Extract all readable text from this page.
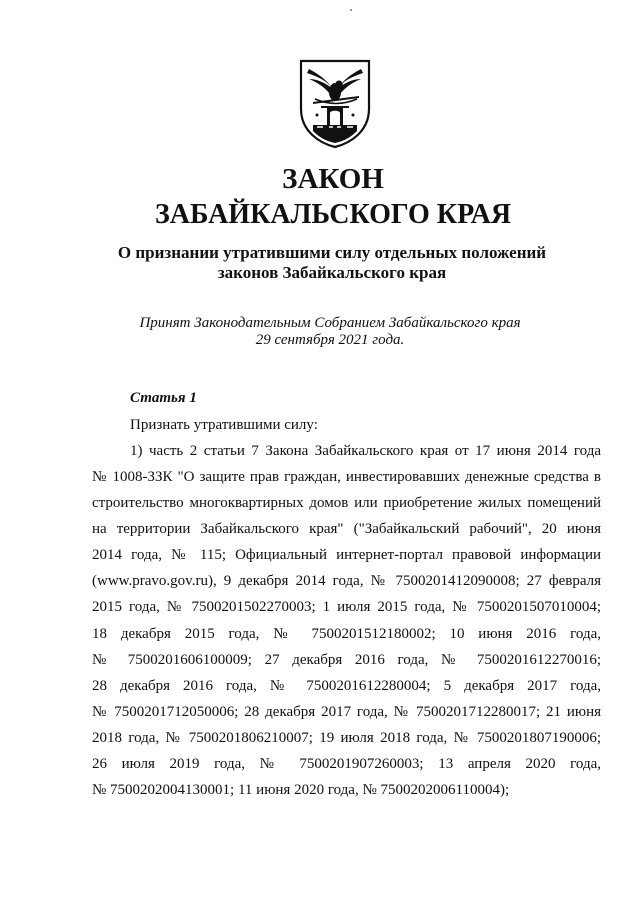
ЗАКОН
ЗАБАЙКАЛЬСКОГО КРАЯ
О признании утратившими силу отдельных положений
законов Забайкальского края
Принят Законодательным Собранием Забайкальского края
29 сентября 2021 года.
Статья 1
Признать утратившими силу:
1) часть 2 статьи 7 Закона Забайкальского края от 17 июня 2014 года
№ 1008-ЗЗК "О защите прав граждан, инвестировавших денежные средства в
строительство многоквартирных домов или приобретение жилых помещений
на территории Забайкальского края" ("Забайкальский рабочий", 20 июня
2014 года, № 115; Официальный интернет-портал правовой информации
(www.pravo.gov.ru), 9 декабря 2014 года, № 7500201412090008; 27 февраля
2015 года, № 7500201502270003; 1 июля 2015 года, № 7500201507010004;
18 декабря 2015 года, № 7500201512180002; 10 июня 2016 года,
№ 7500201606100009; 27 декабря 2016 года, № 7500201612270016;
28 декабря 2016 года, № 7500201612280004; 5 декабря 2017 года,
№ 7500201712050006; 28 декабря 2017 года, № 7500201712280017; 21 июня
2018 года, № 7500201806210007; 19 июля 2018 года, № 7500201807190006;
26 июля 2019 года, № 7500201907260003; 13 апреля 2020 года,
№ 7500202004130001; 11 июня 2020 года, № 7500202006110004);
